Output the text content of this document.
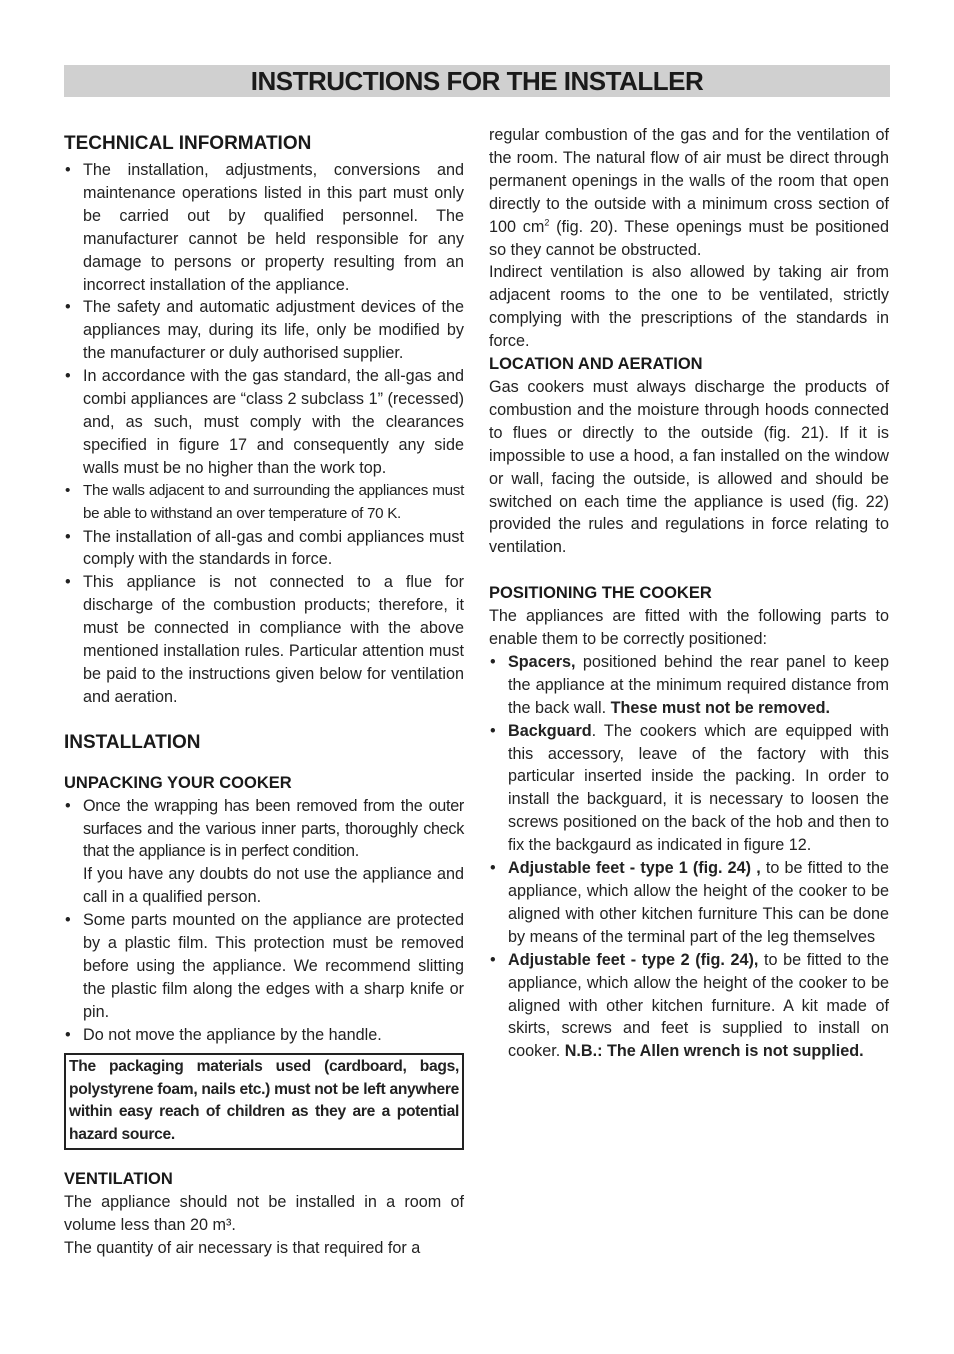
INSTRUCTIONS FOR THE INSTALLER
TECHNICAL INFORMATION
• The installation, adjustments, conversions and maintenance operations listed in this part must only be carried out by qualified personnel. The manufacturer cannot be held responsible for any damage to persons or property resulting from an incorrect installation of the appliance.
• The safety and automatic adjustment devices of the appliances may, during its life, only be modified by the manufacturer or duly authorised supplier.
• In accordance with the gas standard, the all-gas and combi appliances are “class 2 subclass 1” (recessed) and, as such, must comply with the clearances specified in figure 17 and consequently any side walls must be no higher than the work top.
• The walls adjacent to and surrounding the appliances must be able to withstand an over temperature of 70 K.
• The installation of all-gas and combi appliances must comply with the standards in force.
• This appliance is not connected to a flue for discharge of the combustion products; therefore, it must be connected in compliance with the above mentioned installation rules. Particular attention must be paid to the instructions given below for ventilation and aeration.
INSTALLATION
UNPACKING YOUR COOKER
• Once the wrapping has been removed from the outer surfaces and the various inner parts, thoroughly check that the appliance is in perfect condition.
If you have any doubts do not use the appliance and call in a qualified person.
• Some parts mounted on the appliance are protected by a plastic film. This protection must be removed before using the appliance. We recommend slitting the plastic film along the edges with a sharp knife or pin.
• Do not move the appliance by the handle.
The packaging materials used (cardboard, bags, polystyrene foam, nails etc.) must not be left anywhere within easy reach of children as they are a potential hazard source.
VENTILATION

The appliance should not be installed in a room of volume less than 20 m³.

The quantity of air necessary is that required for a

regular combustion of the gas and for the ventilation of the room. The natural flow of air must be direct through permanent openings in the walls of the room that open directly to the outside with a minimum cross section of 100 $cm^2$ (fig. 20). These openings must be positioned so they cannot be obstructed.

Indirect ventilation is also allowed by taking air from adjacent rooms to the one to be ventilated, strictly complying with the prescriptions of the standards in force.

LOCATION AND AERATION

Gas cookers must always discharge the products of combustion and the moisture through hoods connected to flues or directly to the outside (fig. 21). If it is impossible to use a hood, a fan installed on the window or wall, facing the outside, is allowed and should be switched on each time the appliance is used (fig. 22) provided the rules and regulations in force relating to ventilation.

POSITIONING THE COOKER

The appliances are fitted with the following parts to enable them to be correctly positioned:

• Spacers, positioned behind the rear panel to keep the appliance at the minimum required distance from the back wall. These must not be removed.
• Backguard. The cookers which are equipped with this accessory, leave of the factory with this particular inserted inside the packing. In order to install the backguard, it is necessary to loosen the screws positioned on the back of the hob and then to fix the backgaurd as indicated in figure 12.
• Adjustable feet - type 1 (fig. 24) , to be fitted to the appliance, which allow the height of the cooker to be aligned with other kitchen furniture This can be done by means of the terminal part of the leg themselves
• Adjustable feet - type 2 (fig. 24), to be fitted to the appliance, which allow the height of the cooker to be aligned with other kitchen furniture. A kit made of skirts, screws and feet is supplied to install on cooker. N.B.: The Allen wrench is not supplied.
